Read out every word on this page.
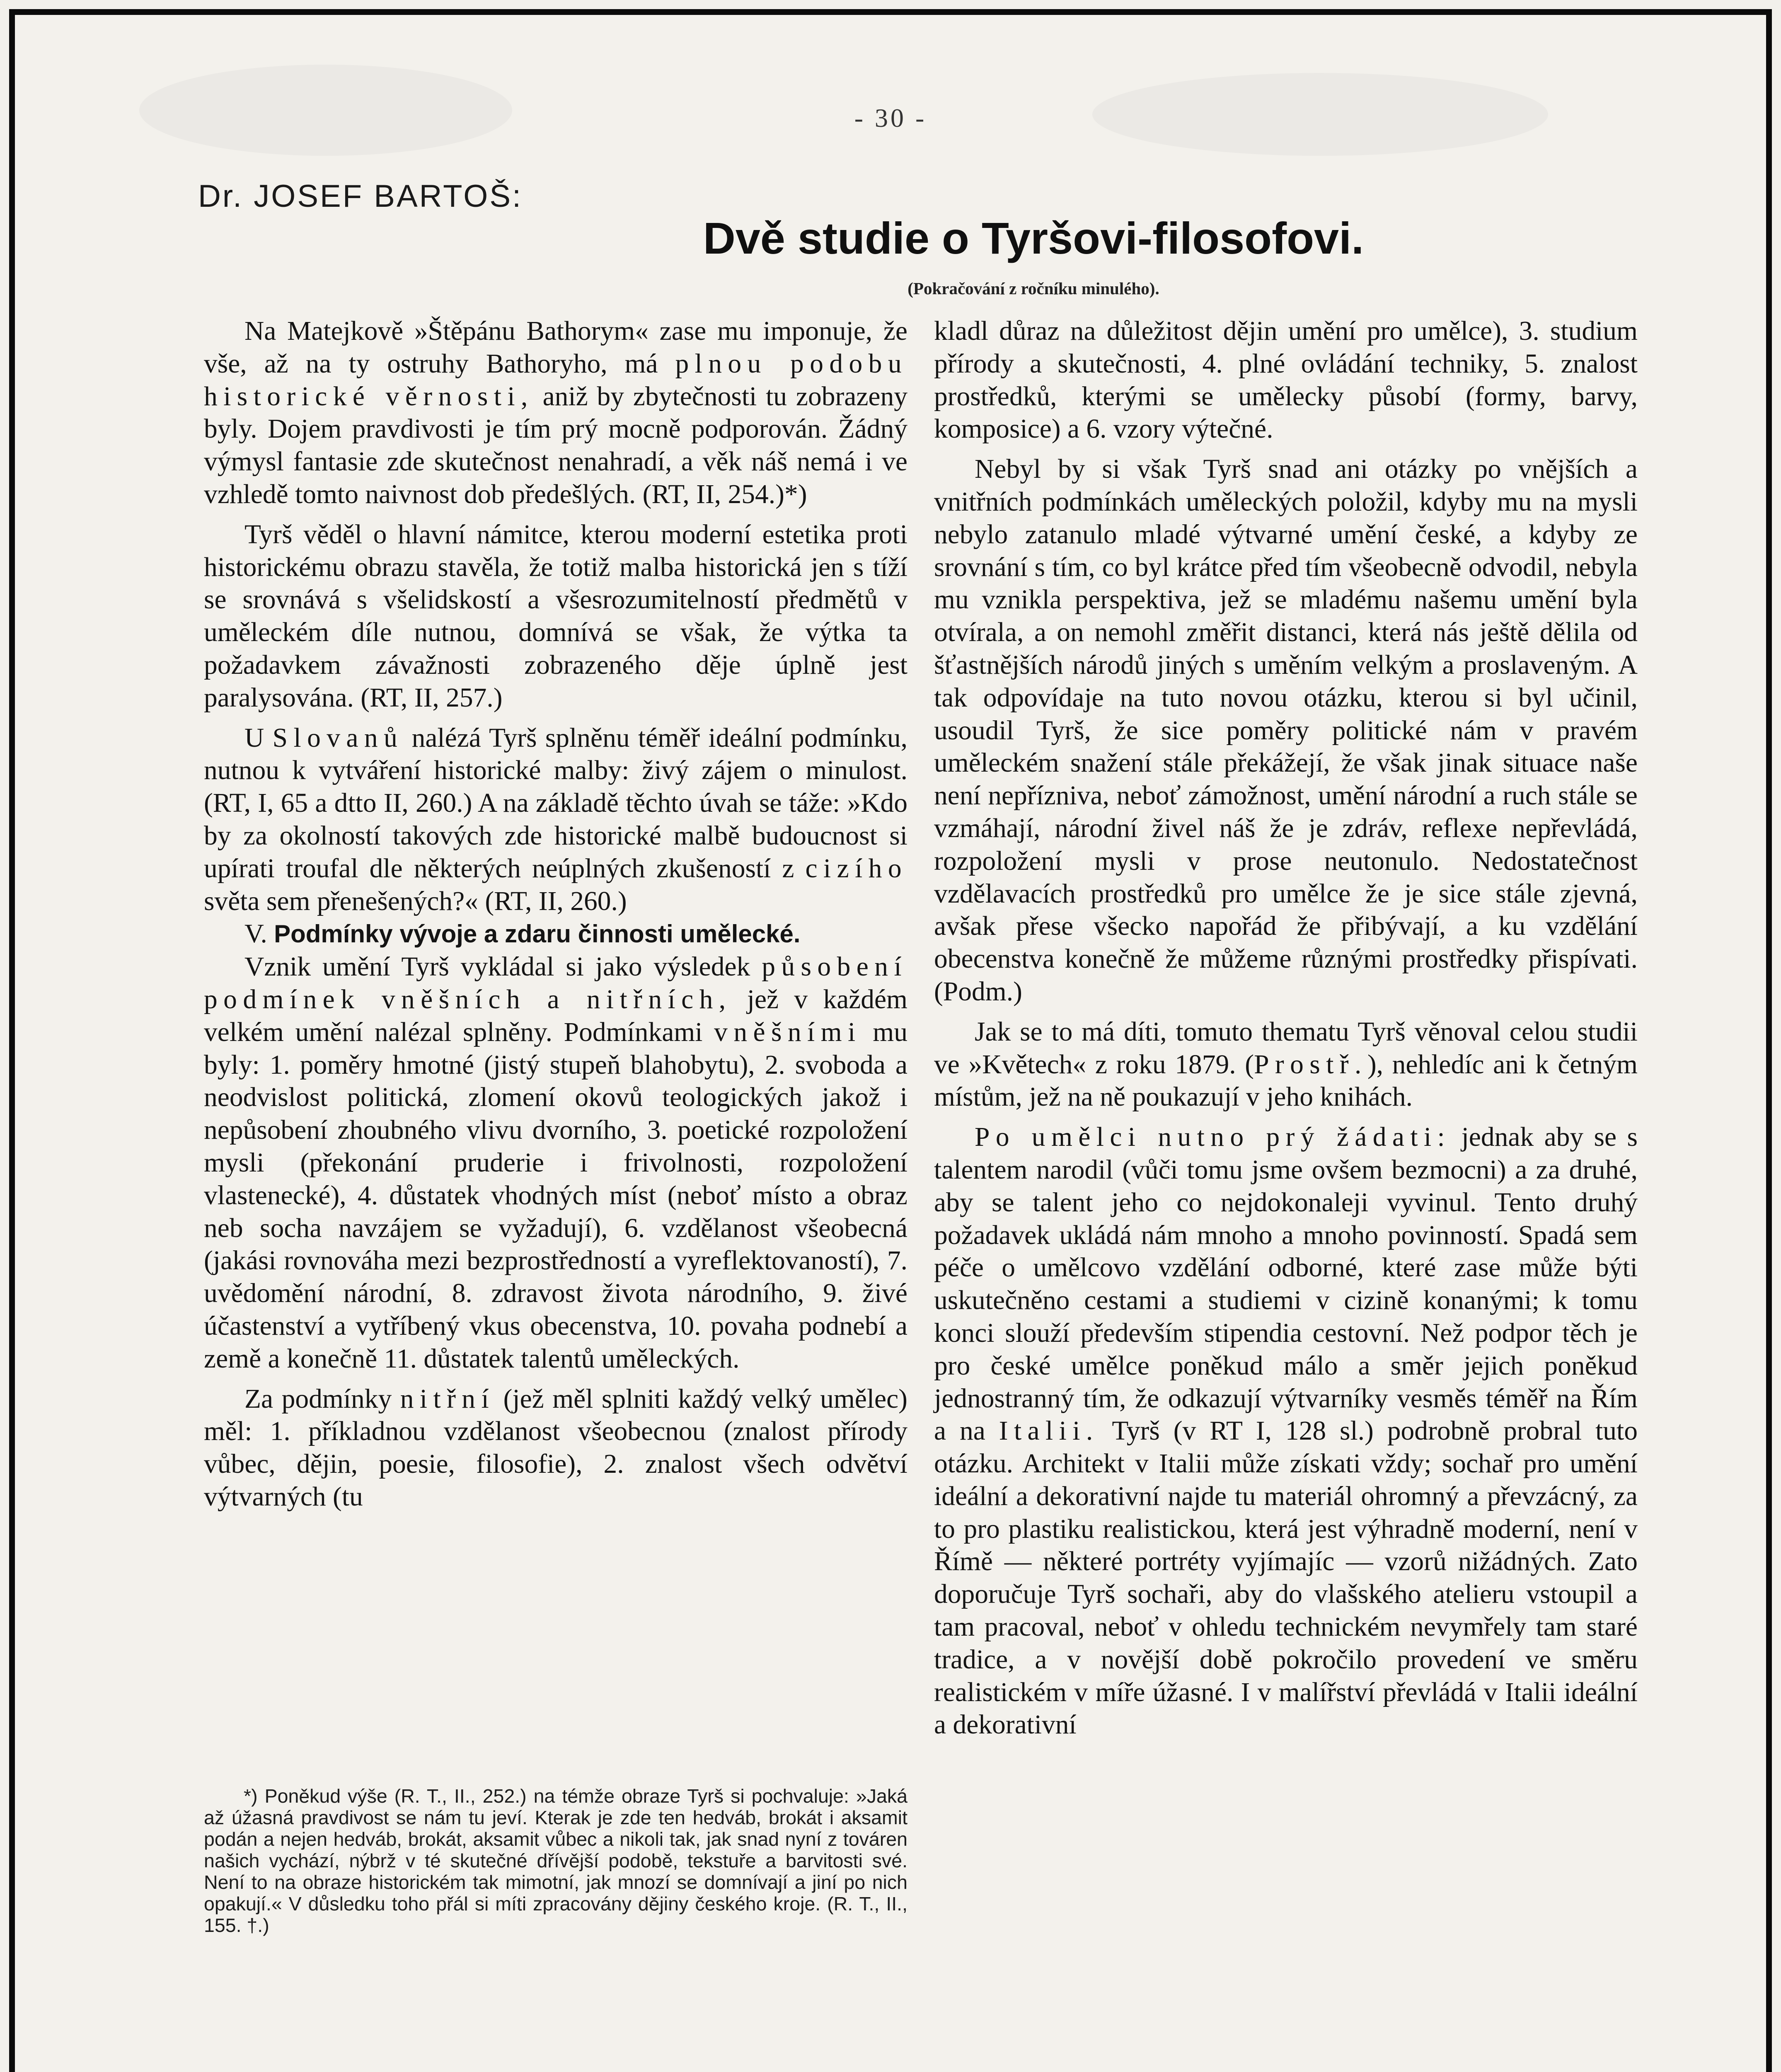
- 30 -
Dr. JOSEF BARTOŠ:
Dvě studie o Tyršovi-filosofovi.
(Pokračování z ročníku minulého).

Na Matejkově »Štěpánu Bathorym« zase mu imponuje, že vše, až na ty ostruhy Bathoryho, má plnou podobu historické věrnosti, aniž by zbytečnosti tu zobrazeny byly. Dojem pravdivosti je tím prý mocně podporován. Žádný výmysl fantasie zde skutečnost nenahradí, a věk náš nemá i ve vzhledě tomto naivnost dob předešlých. (RT, II, 254.)*)

Tyrš věděl o hlavní námitce, kterou moderní estetika proti historickému obrazu stavěla, že totiž malba historická jen s tíží se srovnává s všelidskostí a všesrozumitelností předmětů v uměleckém díle nutnou, domnívá se však, že výtka ta požadavkem závažnosti zobrazeného děje úplně jest paralysována. (RT, II, 257.)

U Slovanů nalézá Tyrš splněnu téměř ideální podmínku, nutnou k vytváření historické malby: živý zájem o minulost. (RT, I, 65 a dtto II, 260.) A na základě těchto úvah se táže: »Kdo by za okolností takových zde historické malbě budoucnost si upírati troufal dle některých neúplných zkušeností z cizího světa sem přenešených?« (RT, II, 260.)

V. Podmínky vývoje a zdaru činnosti umělecké.

Vznik umění Tyrš vykládal si jako výsledek působení podmínek vněšních a nitřních, jež v každém velkém umění nalézal splněny. Podmínkami vněšními mu byly: 1. poměry hmotné (jistý stupeň blahobytu), 2. svoboda a neodvislost politická, zlomení okovů teologických jakož i nepůsobení zhoubného vlivu dvorního, 3. poetické rozpoložení mysli (překonání pruderie i frivolnosti, rozpoložení vlastenecké), 4. důstatek vhodných míst (neboť místo a obraz neb socha navzájem se vyžadují), 6. vzdělanost všeobecná (jakási rovnováha mezi bezprostředností a vyreflektovaností), 7. uvědomění národní, 8. zdravost života národního, 9. živé účastenství a vytříbený vkus obecenstva, 10. povaha podnebí a země a konečně 11. důstatek talentů uměleckých.

Za podmínky nitřní (jež měl splniti každý velký umělec) měl: 1. příkladnou vzdělanost všeobecnou (znalost přírody vůbec, dějin, poesie, filosofie), 2. znalost všech odvětví výtvarných (tu

*) Poněkud výše (R. T., II., 252.) na témže obraze Tyrš si pochvaluje: »Jaká až úžasná pravdivost se nám tu jeví. Kterak je zde ten hedváb, brokát i aksamit podán a nejen hedváb, brokát, aksamit vůbec a nikoli tak, jak snad nyní z továren našich vychází, nýbrž v té skutečné dřívější podobě, tekstuře a barvitosti své. Není to na obraze historickém tak mimotní, jak mnozí se domnívají a jiní po nich opakují.« V důsledku toho přál si míti zpracovány dějiny českého kroje. (R. T., II., 155. †.)

kladl důraz na důležitost dějin umění pro umělce), 3. studium přírody a skutečnosti, 4. plné ovládání techniky, 5. znalost prostředků, kterými se umělecky působí (formy, barvy, komposice) a 6. vzory výtečné.

Nebyl by si však Tyrš snad ani otázky po vnějších a vnitřních podmínkách uměleckých položil, kdyby mu na mysli nebylo zatanulo mladé výtvarné umění české, a kdyby ze srovnání s tím, co byl krátce před tím všeobecně odvodil, nebyla mu vznikla perspektiva, jež se mladému našemu umění byla otvírala, a on nemohl změřit distanci, která nás ještě dělila od šťastnějších národů jiných s uměním velkým a proslaveným. A tak odpovídaje na tuto novou otázku, kterou si byl učinil, usoudil Tyrš, že sice poměry politické nám v pravém uměleckém snažení stále překážejí, že však jinak situace naše není nepřízniva, neboť zámožnost, umění národní a ruch stále se vzmáhají, národní živel náš že je zdráv, reflexe nepřevládá, rozpoložení mysli v prose neutonulo. Nedostatečnost vzdělavacích prostředků pro umělce že je sice stále zjevná, avšak přese všecko napořád že přibývají, a ku vzdělání obecenstva konečně že můžeme různými prostředky přispívati. (Podm.)

Jak se to má díti, tomuto thematu Tyrš věnoval celou studii ve »Květech« z roku 1879. (Prostř.), nehledíc ani k četným místům, jež na ně poukazují v jeho knihách.

Po umělci nutno prý žádati: jednak aby se s talentem narodil (vůči tomu jsme ovšem bezmocni) a za druhé, aby se talent jeho co nejdokonaleji vyvinul. Tento druhý požadavek ukládá nám mnoho a mnoho povinností. Spadá sem péče o umělcovo vzdělání odborné, které zase může býti uskutečněno cestami a studiemi v cizině konanými; k tomu konci slouží především stipendia cestovní. Než podpor těch je pro české umělce poněkud málo a směr jejich poněkud jednostranný tím, že odkazují výtvarníky vesměs téměř na Řím a na Italii. Tyrš (v RT I, 128 sl.) podrobně probral tuto otázku. Architekt v Italii může získati vždy; sochař pro umění ideální a dekorativní najde tu materiál ohromný a převzácný, za to pro plastiku realistickou, která jest výhradně moderní, není v Římě — některé portréty vyjímajíc — vzorů nižádných. Zato doporučuje Tyrš sochaři, aby do vlašského atelieru vstoupil a tam pracoval, neboť v ohledu technickém nevymřely tam staré tradice, a v novější době pokročilo provedení ve směru realistickém v míře úžasné. I v malířství převládá v Italii ideální a dekorativní
